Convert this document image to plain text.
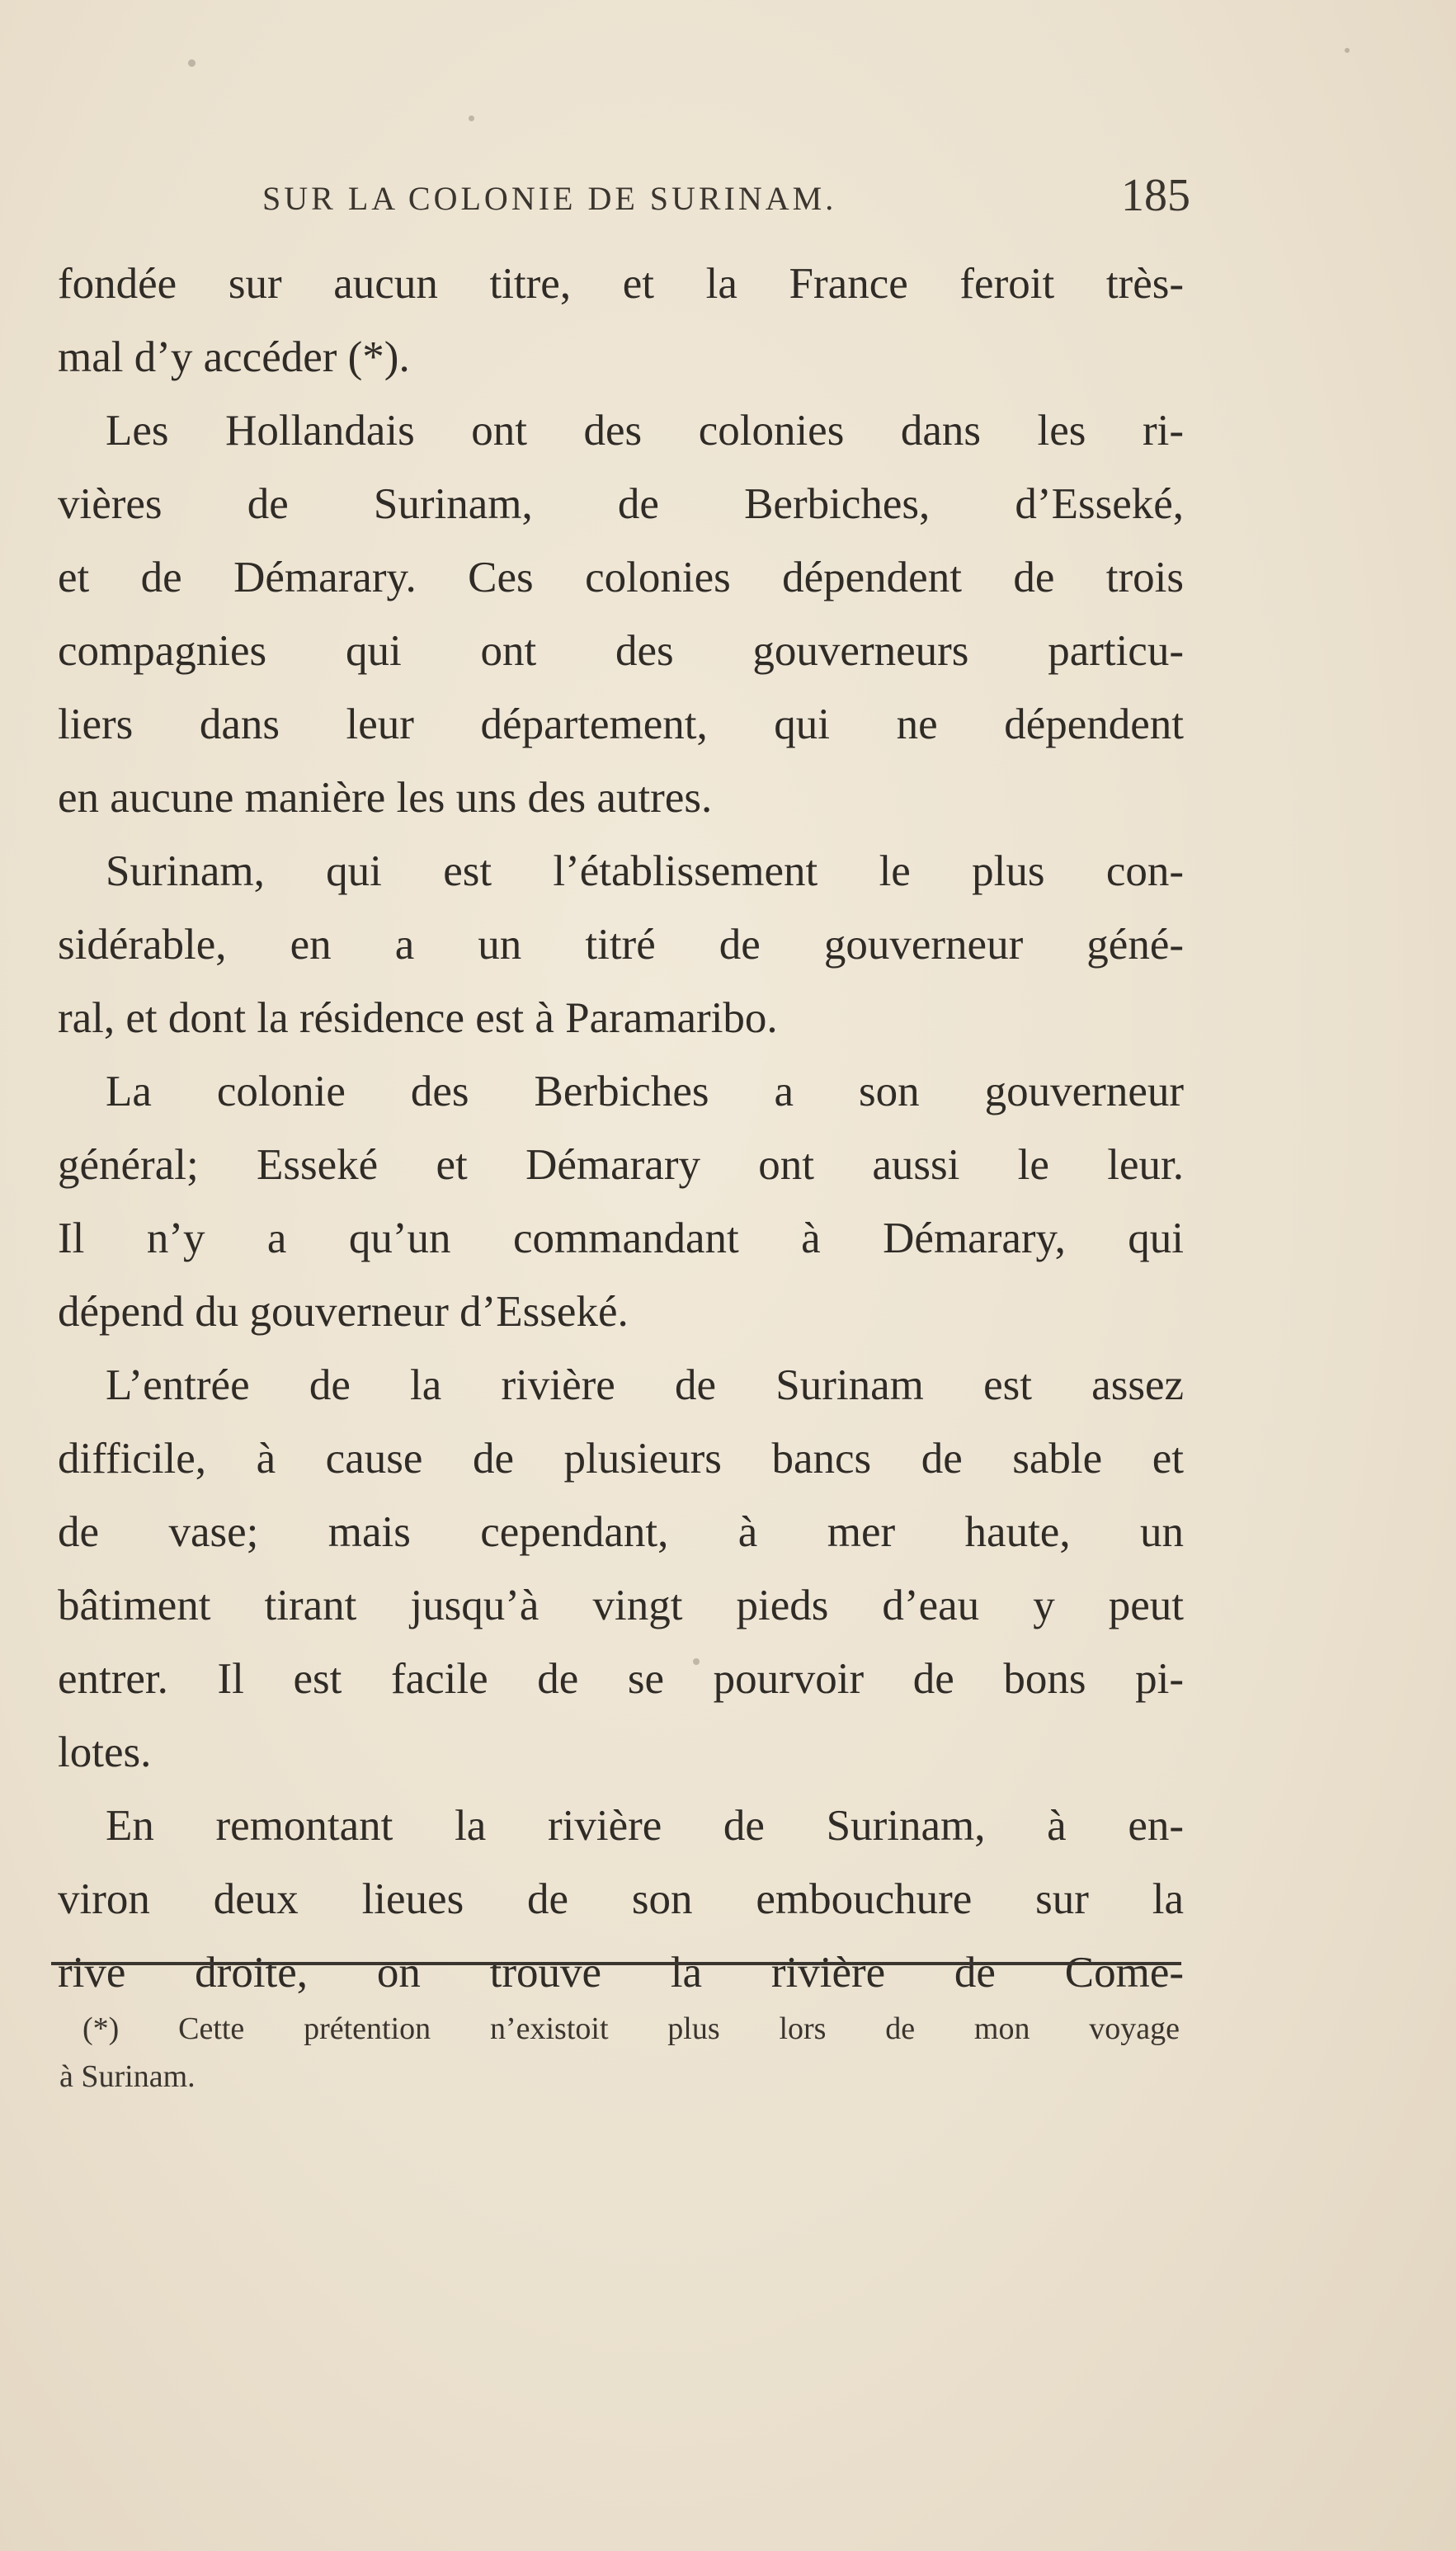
SUR LA COLONIE DE SURINAM.	185
fondée sur aucun titre, et la France feroit très-
mal d’y accéder (*).
Les Hollandais ont des colonies dans les ri-
vières de Surinam, de Berbiches, d’Esseké,
et de Démarary. Ces colonies dépendent de trois
compagnies qui ont des gouverneurs particu-
liers dans leur département, qui ne dépendent
en aucune manière les uns des autres.
Surinam, qui est l’établissement le plus con-
sidérable, en a un titré de gouverneur géné-
ral, et dont la résidence est à Paramaribo.
La colonie des Berbiches a son gouverneur
général; Esseké et Démarary ont aussi le leur.
Il n’y a qu’un commandant à Démarary, qui
dépend du gouverneur d’Esseké.
L’entrée de la rivière de Surinam est assez
difficile, à cause de plusieurs bancs de sable et
de vase; mais cependant, à mer haute, un
bâtiment tirant jusqu’à vingt pieds d’eau y peut
entrer. Il est facile de se pourvoir de bons pi-
lotes.
En remontant la rivière de Surinam, à en-
viron deux lieues de son embouchure sur la
rive droite, on trouve la rivière de Come-
(*) Cette prétention n’existoit plus lors de mon voyage
à Surinam.
